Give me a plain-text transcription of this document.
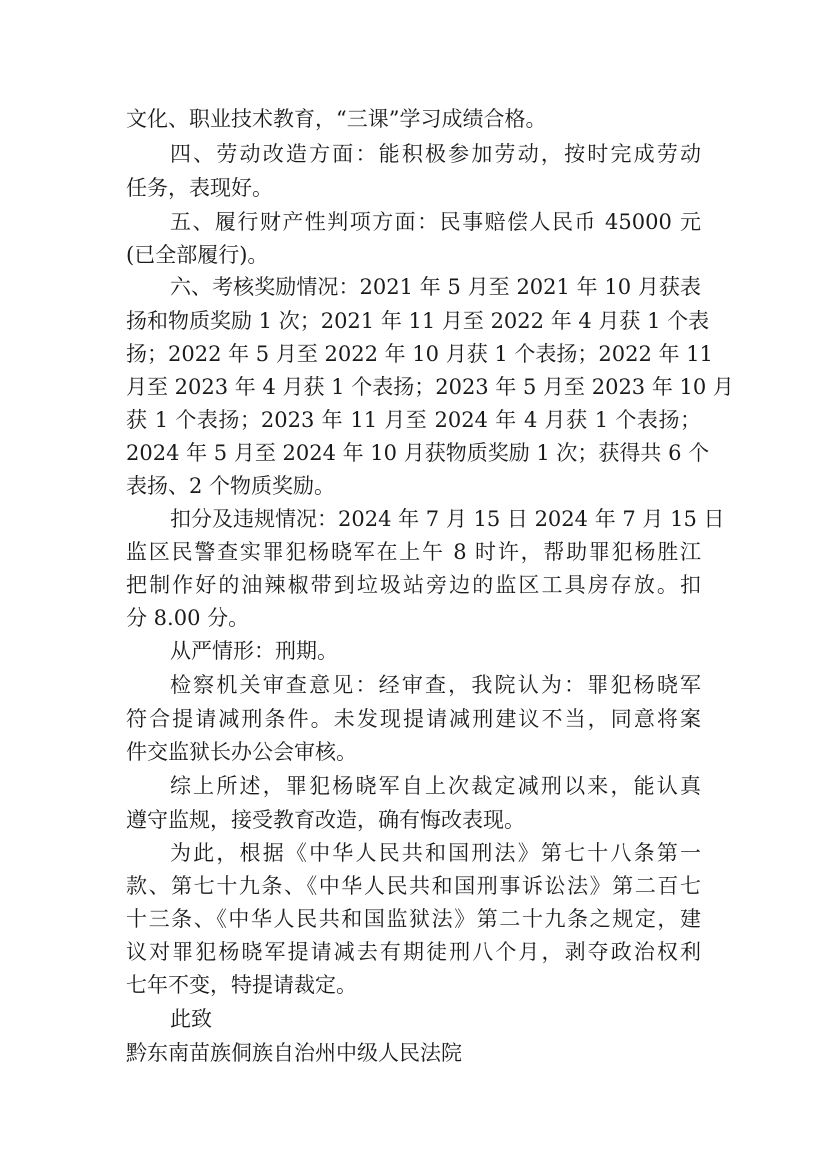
文化、职业技术教育，“三课”学习成绩合格。
四、劳动改造方面：能积极参加劳动，按时完成劳动
任务，表现好。
五、履行财产性判项方面：民事赔偿人民币 45000 元
(已全部履行)。
六、考核奖励情况：2021 年 5 月至 2021 年 10 月获表
扬和物质奖励 1 次；2021 年 11 月至 2022 年 4 月获 1 个表
扬；2022 年 5 月至 2022 年 10 月获 1 个表扬；2022 年 11
月至 2023 年 4 月获 1 个表扬；2023 年 5 月至 2023 年 10 月
获 1 个表扬；2023 年 11 月至 2024 年 4 月获 1 个表扬；
2024 年 5 月至 2024 年 10 月获物质奖励 1 次；获得共 6 个
表扬、2 个物质奖励。
扣分及违规情况：2024 年 7 月 15 日 2024 年 7 月 15 日
监区民警查实罪犯杨晓军在上午 8 时许，帮助罪犯杨胜江
把制作好的油辣椒带到垃圾站旁边的监区工具房存放。扣
分 8.00 分。
从严情形：刑期。
检察机关审查意见：经审查，我院认为：罪犯杨晓军
符合提请减刑条件。未发现提请减刑建议不当，同意将案
件交监狱长办公会审核。
综上所述，罪犯杨晓军自上次裁定减刑以来，能认真
遵守监规，接受教育改造，确有悔改表现。
为此，根据《中华人民共和国刑法》第七十八条第一
款、第七十九条、《中华人民共和国刑事诉讼法》第二百七
十三条、《中华人民共和国监狱法》第二十九条之规定，建
议对罪犯杨晓军提请减去有期徒刑八个月，剥夺政治权利
七年不变，特提请裁定。
此致
黔东南苗族侗族自治州中级人民法院
